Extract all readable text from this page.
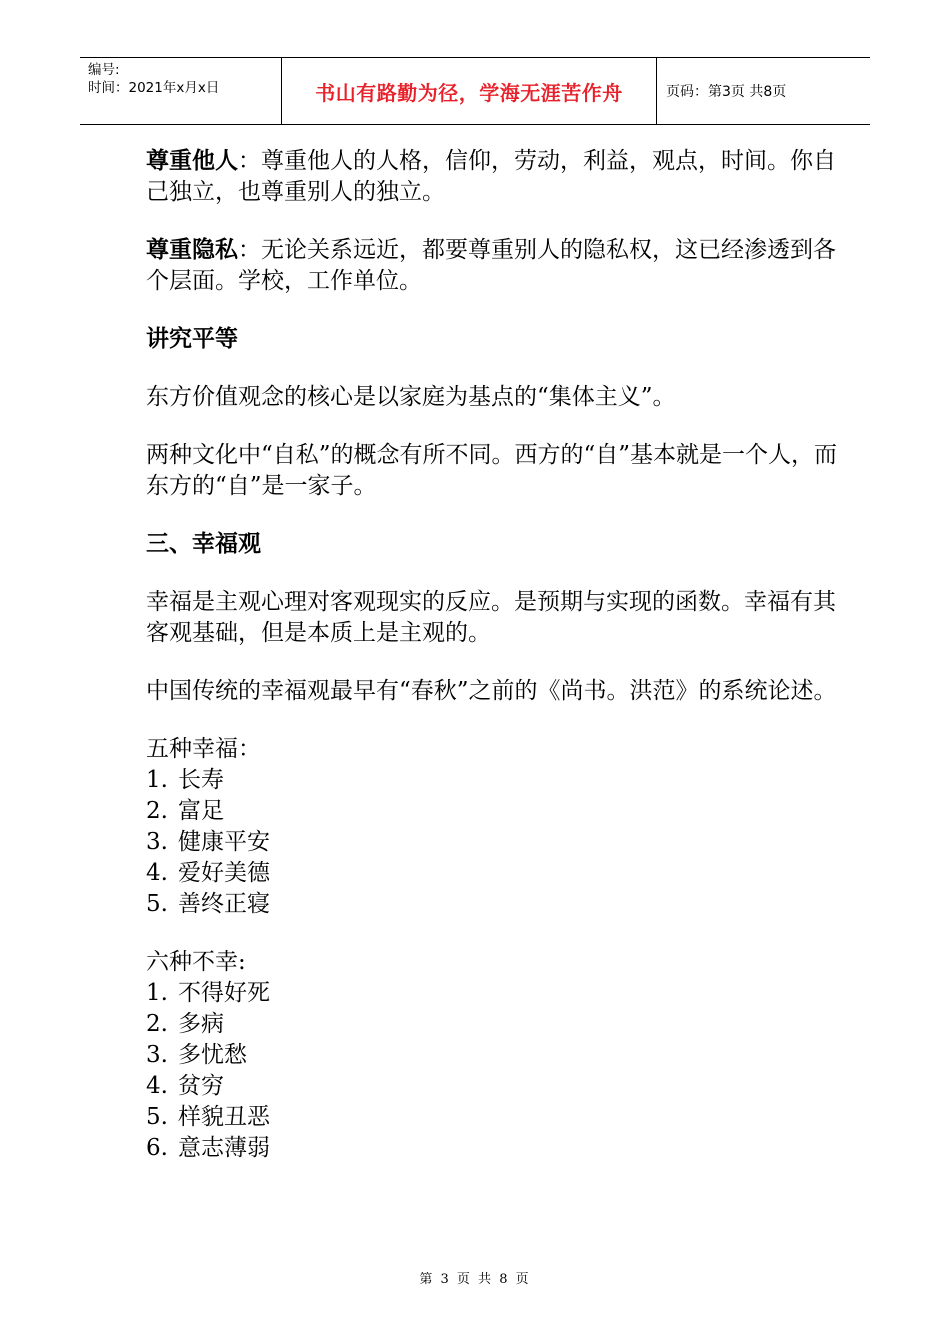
编号:
时间：2021年x月x日	书山有路勤为径，学海无涯苦作舟	页码：第3页 共8页

尊重他人：尊重他人的人格，信仰，劳动，利益，观点，时间。你自己独立，也尊重别人的独立。

尊重隐私：无论关系远近，都要尊重别人的隐私权，这已经渗透到各个层面。学校，工作单位。

讲究平等

东方价值观念的核心是以家庭为基点的“集体主义”。

两种文化中“自私”的概念有所不同。西方的“自”基本就是一个人，而东方的“自”是一家子。

三、幸福观

幸福是主观心理对客观现实的反应。是预期与实现的函数。幸福有其客观基础，但是本质上是主观的。

中国传统的幸福观最早有“春秋”之前的《尚书。洪范》的系统论述。

五种幸福：
1. 长寿
2. 富足
3. 健康平安
4. 爱好美德
5. 善终正寝
六种不幸:
1. 不得好死
2. 多病
3. 多忧愁
4. 贫穷
5. 样貌丑恶
6. 意志薄弱
第 3 页 共 8 页
